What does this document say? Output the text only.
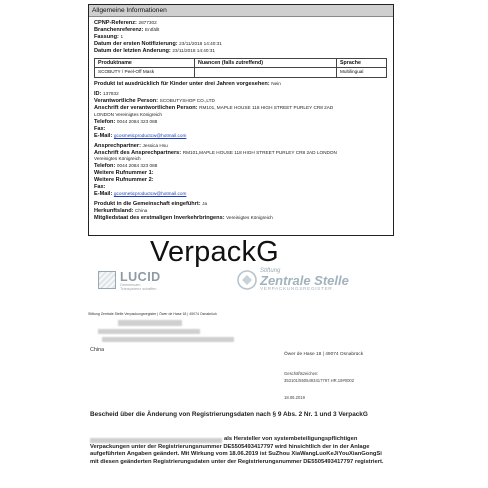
Allgemeine Informationen
CPNP-Referenz: 2877302
Branchenreferenz: Entfällt
Fassung: 1
Datum der ersten Notifizierung: 23/11/2018 14:40:31
Datum der letzten Änderung: 23/11/2018 14:40:31
Produktname	Nuancen (falls zutreffend)	Sprache
SCOBUTY / Peel-Off Mask		Multilingual
Produkt ist ausdrücklich für Kinder unter drei Jahren vorgesehen: Nein
ID: 137832
Verantwortliche Person: SCOBUTYSHOP CO.,LTD
Anschrift der verantwortlichen Person: RM101, MAPLE HOUSE 118 HIGH STREET PURLEY CR8 2AD
LONDON Vereinigtes Königreich
Telefon: 0044 2084 323 088
Fax:
E-Mail: gcosmeticproductcw@hotmail.com
Ansprechpartner: Jessica Hsu
Anschrift des Ansprechpartners: RM101,MAPLE HOUSE 118 HIGH STREET PURLEY CR8 2AD LONDON
Vereinigtes Königreich
Telefon: 0044 2084 323 088
Weitere Rufnummer 1:
Weitere Rufnummer 2:
Fax:
E-Mail: gcosmeticproductcw@hotmail.com
Produkt in die Gemeinschaft eingeführt: Ja
Herkunftsland: China
Mitgliedstaat des erstmaligen Inverkehrbringens: Vereinigtes Königreich
VerpackG
LUCID
Gemeinsam
Transparenz schaffen
Stiftung
Zentrale Stelle
VERPACKUNGSREGISTER
Stiftung Zentrale Stelle Verpackungsregister | Öwer de Hase 18 | 49074 Osnabrück
China
Öwer de Hase 18 | 49074 Osnabrück
Geschäftszeichen:
353101/5505493417797.HR.19#0002
18.06.2019
Bescheid über die Änderung von Registrierungsdaten nach § 9 Abs. 2 Nr. 1 und 3 VerpackG
als Hersteller von systembeteiligungspflichtigen Verpackungen unter der Registrierungsnummer DE5505493417797 wird hinsichtlich der in der Anlage aufgeführten Angaben geändert. Mit Wirkung vom 18.06.2019 ist SuZhou XiaWangLuoKeJiYouXianGongSi mit diesen geänderten Registrierungsdaten unter der Registrierungsnummer DE5505493417797 registriert.
